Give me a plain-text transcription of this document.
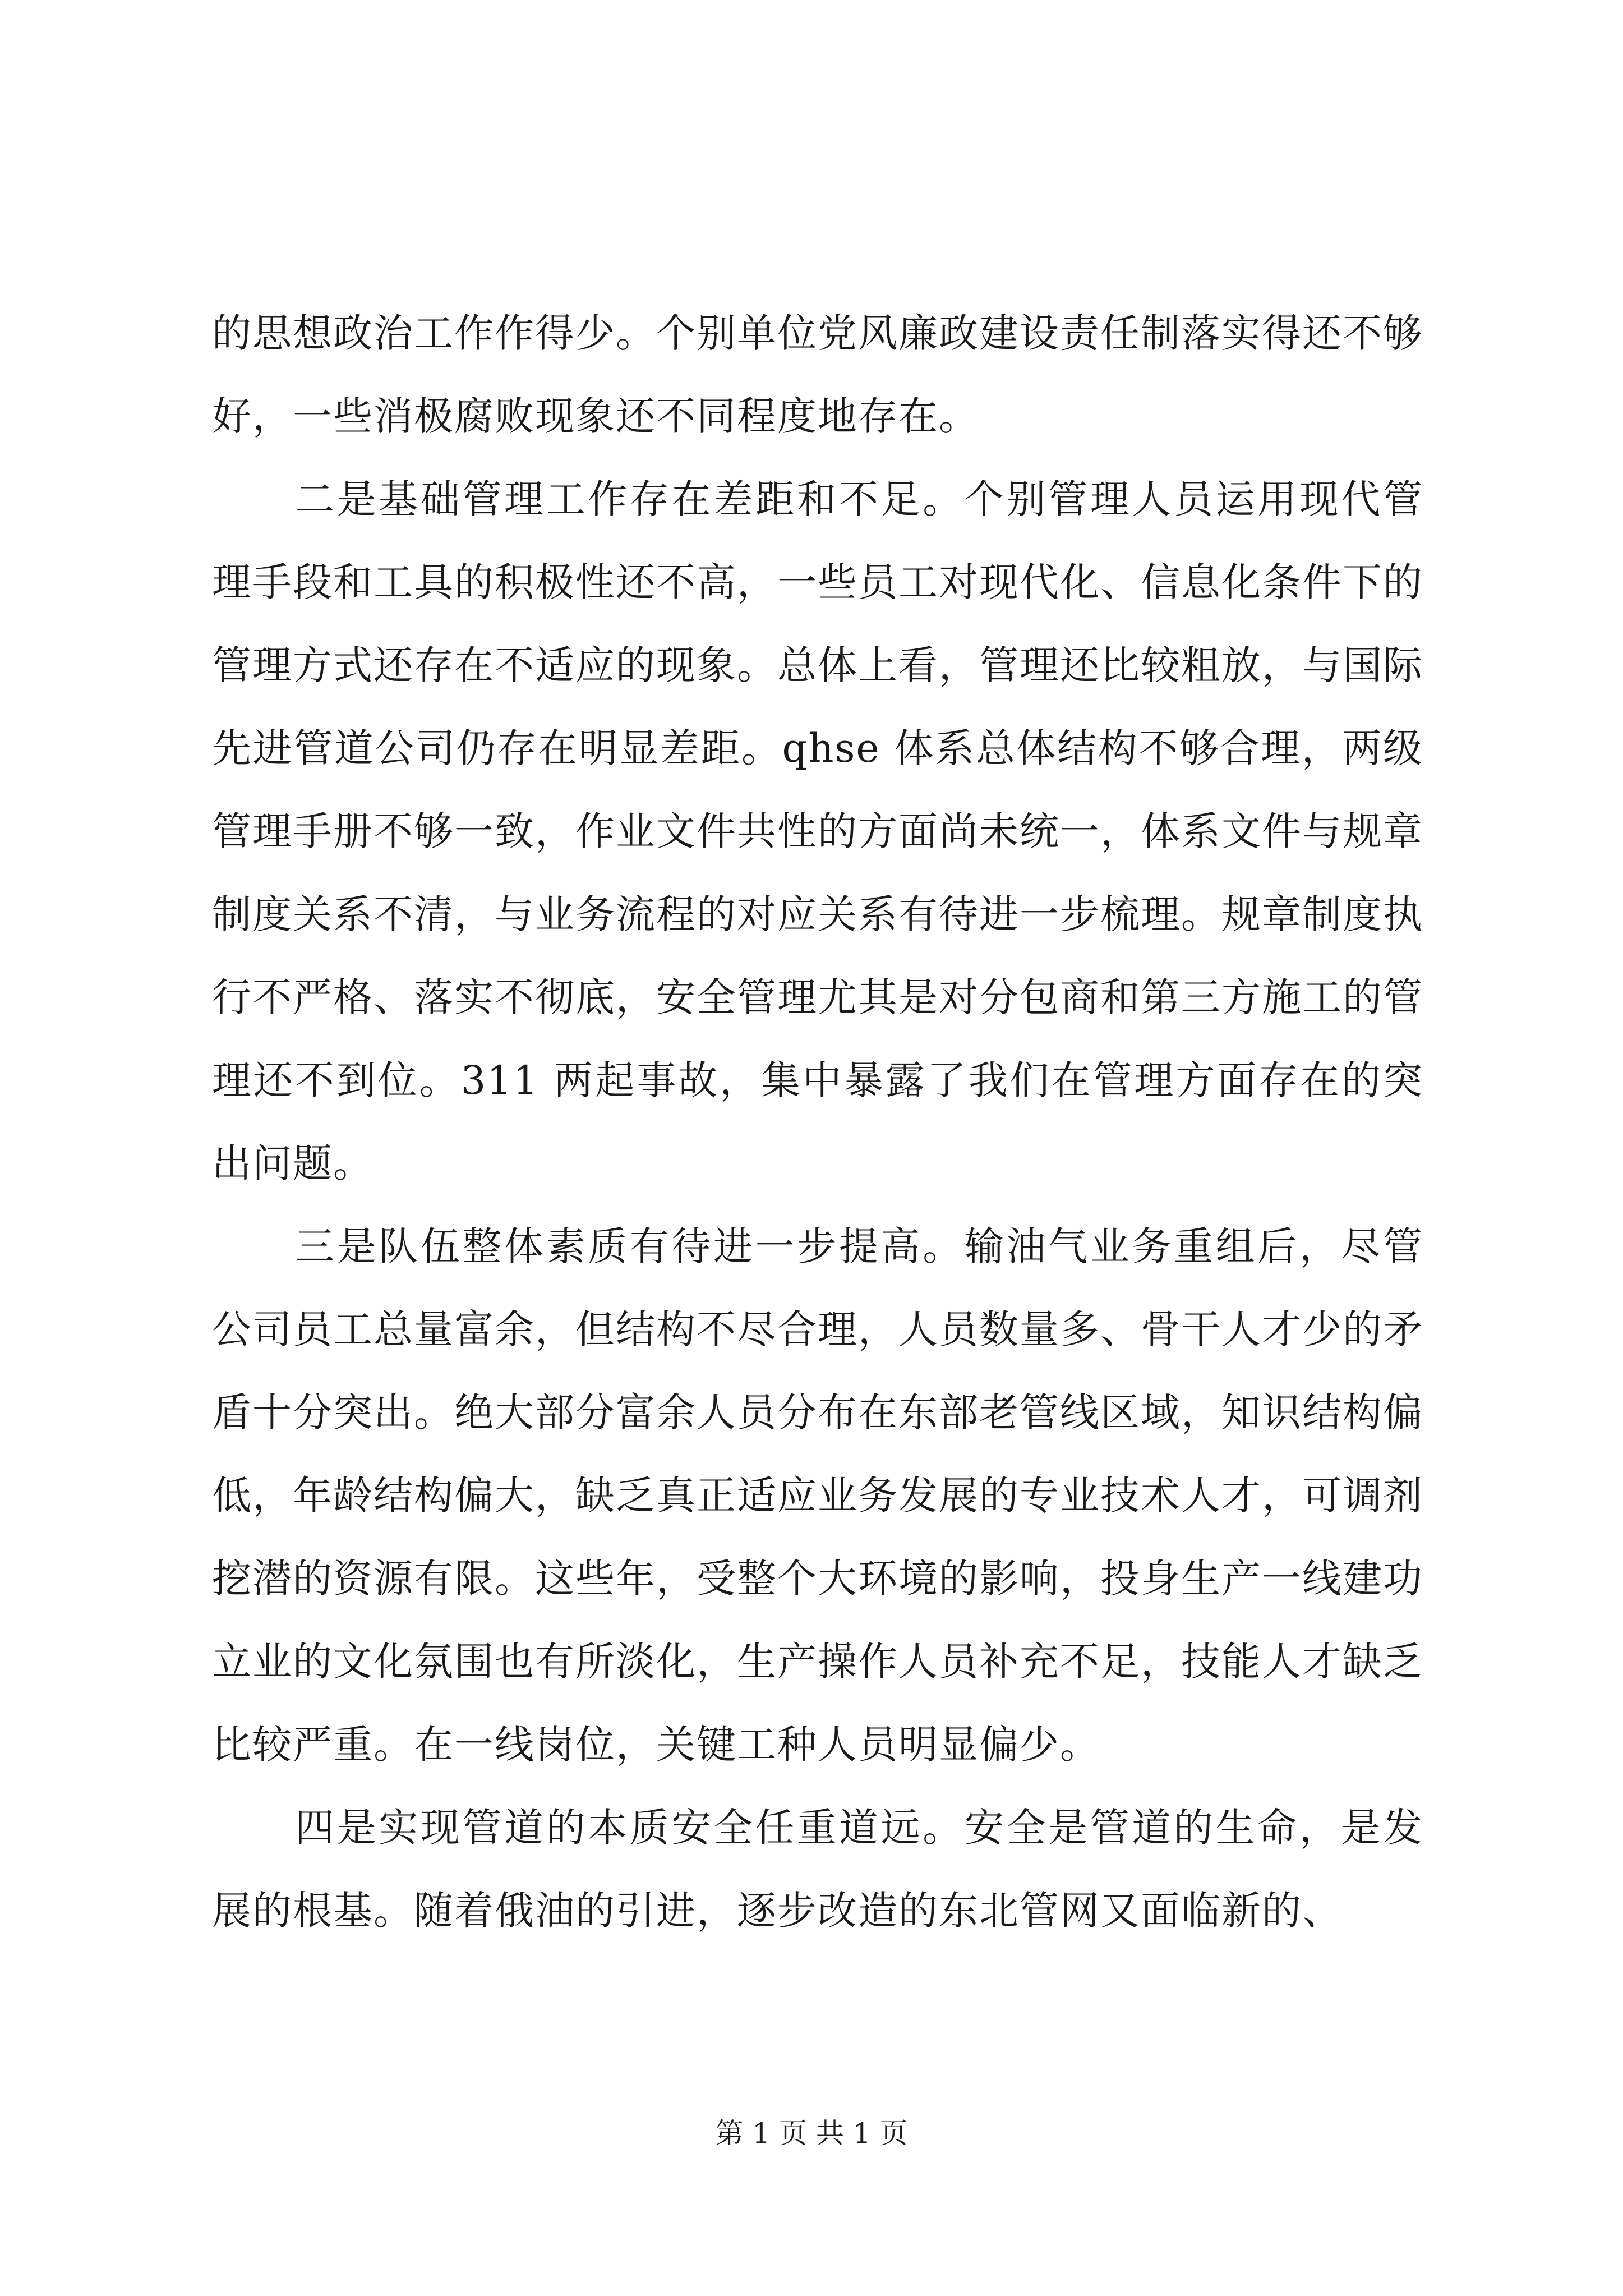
的思想政治工作作得少。个别单位党风廉政建设责任制落实得还不够好，一些消极腐败现象还不同程度地存在。

二是基础管理工作存在差距和不足。个别管理人员运用现代管理手段和工具的积极性还不高，一些员工对现代化、信息化条件下的管理方式还存在不适应的现象。总体上看，管理还比较粗放，与国际先进管道公司仍存在明显差距。qhse 体系总体结构不够合理，两级管理手册不够一致，作业文件共性的方面尚未统一，体系文件与规章制度关系不清，与业务流程的对应关系有待进一步梳理。规章制度执行不严格、落实不彻底，安全管理尤其是对分包商和第三方施工的管理还不到位。311 两起事故，集中暴露了我们在管理方面存在的突出问题。

三是队伍整体素质有待进一步提高。输油气业务重组后，尽管公司员工总量富余，但结构不尽合理，人员数量多、骨干人才少的矛盾十分突出。绝大部分富余人员分布在东部老管线区域，知识结构偏低，年龄结构偏大，缺乏真正适应业务发展的专业技术人才，可调剂挖潜的资源有限。这些年，受整个大环境的影响，投身生产一线建功立业的文化氛围也有所淡化，生产操作人员补充不足，技能人才缺乏比较严重。在一线岗位，关键工种人员明显偏少。

四是实现管道的本质安全任重道远。安全是管道的生命，是发展的根基。随着俄油的引进，逐步改造的东北管网又面临新的、

第 1 页 共 1 页
